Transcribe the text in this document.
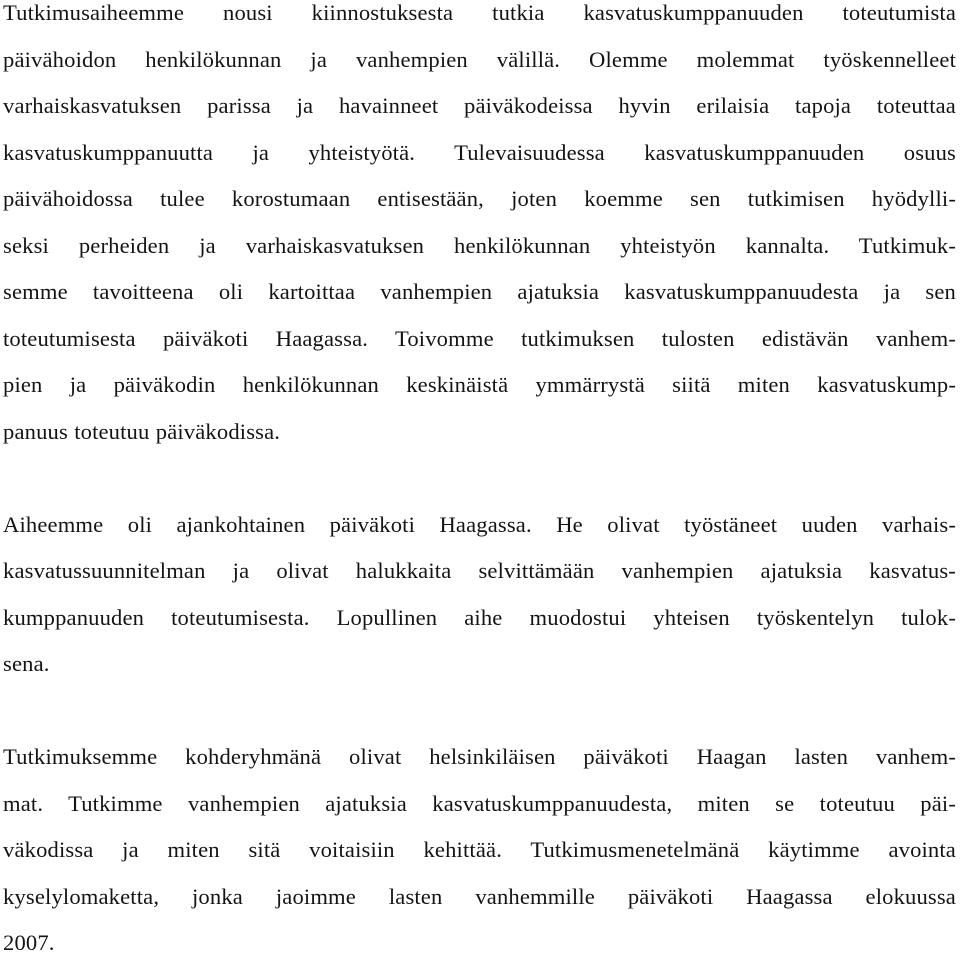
Tutkimusaiheemme nousi kiinnostuksesta tutkia kasvatuskumppanuuden toteutumista
päivähoidon henkilökunnan ja vanhempien välillä. Olemme molemmat työskennelleet
varhaiskasvatuksen parissa ja havainneet päiväkodeissa hyvin erilaisia tapoja toteuttaa
kasvatuskumppanuutta ja yhteistyötä. Tulevaisuudessa kasvatuskumppanuuden osuus
päivähoidossa tulee korostumaan entisestään, joten koemme sen tutkimisen hyödylli-
seksi perheiden ja varhaiskasvatuksen henkilökunnan yhteistyön kannalta. Tutkimuk-
semme tavoitteena oli kartoittaa vanhempien ajatuksia kasvatuskumppanuudesta ja sen
toteutumisesta päiväkoti Haagassa. Toivomme tutkimuksen tulosten edistävän vanhem-
pien ja päiväkodin henkilökunnan keskinäistä ymmärrystä siitä miten kasvatuskump-
panuus toteutuu päiväkodissa.
Aiheemme oli ajankohtainen päiväkoti Haagassa. He olivat työstäneet uuden varhais-
kasvatussuunnitelman ja olivat halukkaita selvittämään vanhempien ajatuksia kasvatus-
kumppanuuden toteutumisesta. Lopullinen aihe muodostui yhteisen työskentelyn tulok-
sena.
Tutkimuksemme kohderyhmänä olivat helsinkiläisen päiväkoti Haagan lasten vanhem-
mat. Tutkimme vanhempien ajatuksia kasvatuskumppanuudesta, miten se toteutuu päi-
väkodissa ja miten sitä voitaisiin kehittää. Tutkimusmenetelmänä käytimme avointa
kyselylomaketta, jonka jaoimme lasten vanhemmille päiväkoti Haagassa elokuussa
2007.
